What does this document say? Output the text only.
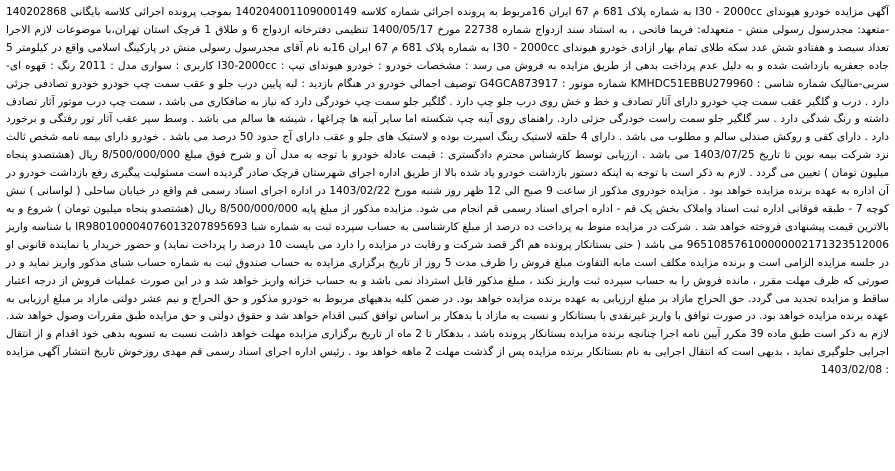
آگهی مزایده خودرو هیوندای I30 - 2000cc به شماره پلاک 681 م 67 ایران 16مربوط به پرونده اجرائی شماره کلاسه 140204001109000149 بموجب پرونده اجرائی کلاسه بایگانی 140202868 -متعهد: مجدرسول رسولی منش - متعهدله: فریما فاتحی ، به استناد سند ازدواج شماره 22738 مورخ 1400/05/17 تنظیمی دفترخانه ازدواج 6 و طلاق 1 قرچک استان تهران،با موضوعات لازم الاجرا تعداد سیصد و هفتادو شش عدد سکه طلای تمام بهار ازادی خودرو هیوندای I30 - 2000cc به شماره پلاک 681 م 67 ایران 16به نام آقای مجدرسول رسولی منش در پارکینگ اسلامی واقع در کیلومتر 5 جاده جعفریه بازداشت شده و به دلیل عدم پرداخت بدهی از طریق مزایده به فروش می رسد : مشخصات خودرو : خودرو هیوندای تیپ : I30-2000cc کاربری : سواری مدل : 2011 رنگ : قهوه ای-سربی-متالیک شماره شاسی : KMHDC51EBBU279960 شماره موتور : G4GCA873917 توصیف اجمالی خودرو در هنگام بازدید : لبه پایین درب جلو و عقب سمت چپ خودرو خودرو تصادفی جزئی دارد . درب و گلگیر عقب سمت چپ خودرو دارای آثار تصادف و خط و خش روی درب جلو چپ دارد . گلگیر جلو سمت چپ خودرگی دارد که نیاز به صافکاری می باشد ، سمت چپ درب موتور آثار تصادف داشته و رنگ شدگی دارد . سر گلگیر جلو سمت راست خودرگی جزئی دارد. راهنمای روی آینه چپ شکسته اما سایر آینه ها چراغها ، شیشه ها سالم می باشد . وسط سپر عقب آثار تور رفتگی و برخورد دارد . دارای کفی و روکش صندلی سالم و مطلوب می باشد . دارای 4 حلقه لاستیک رینگ اسپرت بوده و لاستیک های جلو و عقب دارای آج حدود 50 درصد می باشد . خودرو دارای بیمه نامه شخص ثالث نزد شرکت بیمه نوین تا تاریخ 1403/07/25 می باشد . ارزیابی توسط کارشناس محترم دادگستری : قیمت عادله خودرو با توجه به مدل آن و شرح فوق مبلغ 8/500/000/000 ریال (هشتصدو پنجاه میلیون تومان ) تعیین می گردد . لازم به ذکر است با توجه به اینکه دستور بازداشت خودرو یاد شده بالا از طریق اداره اجرای شهرستان قرچک صادر گردیده است مسئولیت پیگیری رفع بازداشت خودرو در آن اداره به عهده برنده مزایده خواهد بود . مزایده خودروی مذکور از ساعت 9 صبح الی 12 ظهر روز شنبه مورخ 1403/02/22 در اداره اجرای اسناد رسمی قم واقع در خیابان ساحلی ( لواسانی ) نبش کوچه 7 - طبقه فوقانی اداره ثبت اسناد واملاک بخش یک قم - اداره اجرای اسناد رسمی قم انجام می شود. مزایده مذکور از مبلغ پایه 8/500/000/000 ریال (هشتصدو پنجاه میلیون تومان ) شروع و به بالاترین قیمت پیشنهادی فروخته خواهد شد . شرکت در مزایده منوط به پرداخت ده درصد از مبلغ کارشناسی به حساب سپرده ثبت به شماره شبا IR980100004076013207895693 با شناسه واریز 965108576100000002171323512006 می باشد ( حتی بستانکار پرونده هم اگر قصد شرکت و رقابت در مزایده را دارد می بایست 10 درصد را پرداخت نماید) و حضور خریدار یا نماینده قانونی او در جلسه مزایده الزامی است و برنده مزایده مکلف است مابه التفاوت مبلغ فروش را ظرف مدت 5 روز از تاریخ برگزاری مزایده به حساب صندوق ثبت به شماره حساب شبای مذکور واریز نماید و در صورتی که ظرف مهلت مقرر ، مانده فروش را به حساب سپرده ثبت واریز نکند ، مبلغ مذکور قابل استرداد نمی باشد و به حساب خزانه واریز خواهد شد و در این صورت عملیات فروش از درجه اعتبار ساقط و مزایده تجدید می گردد. حق الحراج مازاد بر مبلغ ارزیابی به عهده برنده مزایده خواهد بود. در ضمن کلیه بدهیهای مربوط به خودرو مذکور و حق الحراج و نیم عشر دولتی مازاد بر مبلغ ارزیابی به عهده برنده مزایده خواهد بود. در صورت توافق با واریز غیرنقدی با بستانکار و نسبت به مازاد با بدهکار بر اساس توافق کتبی اقدام خواهد شد و حقوق دولتی و حق مزایده طبق مقررات وصول خواهد شد. لازم به ذکر است طبق ماده 39 مکرر آیین نامه اجرا چنانچه برنده مزایده بستانکار پرونده باشد ، بدهکار تا 2 ماه از تاریخ برگزاری مزایده مهلت خواهد داشت نسبت به تسویه بدهی خود اقدام و از انتقال اجرایی جلوگیری نماید ، بدیهی است که انتقال اجرایی به نام بستانکار برنده مزایده پس از گذشت مهلت 2 ماهه خواهد بود . رئیس اداره اجرای اسناد رسمی قم مهدی روزخوش تاریخ انتشار آگهی مزایده : 1403/02/08
